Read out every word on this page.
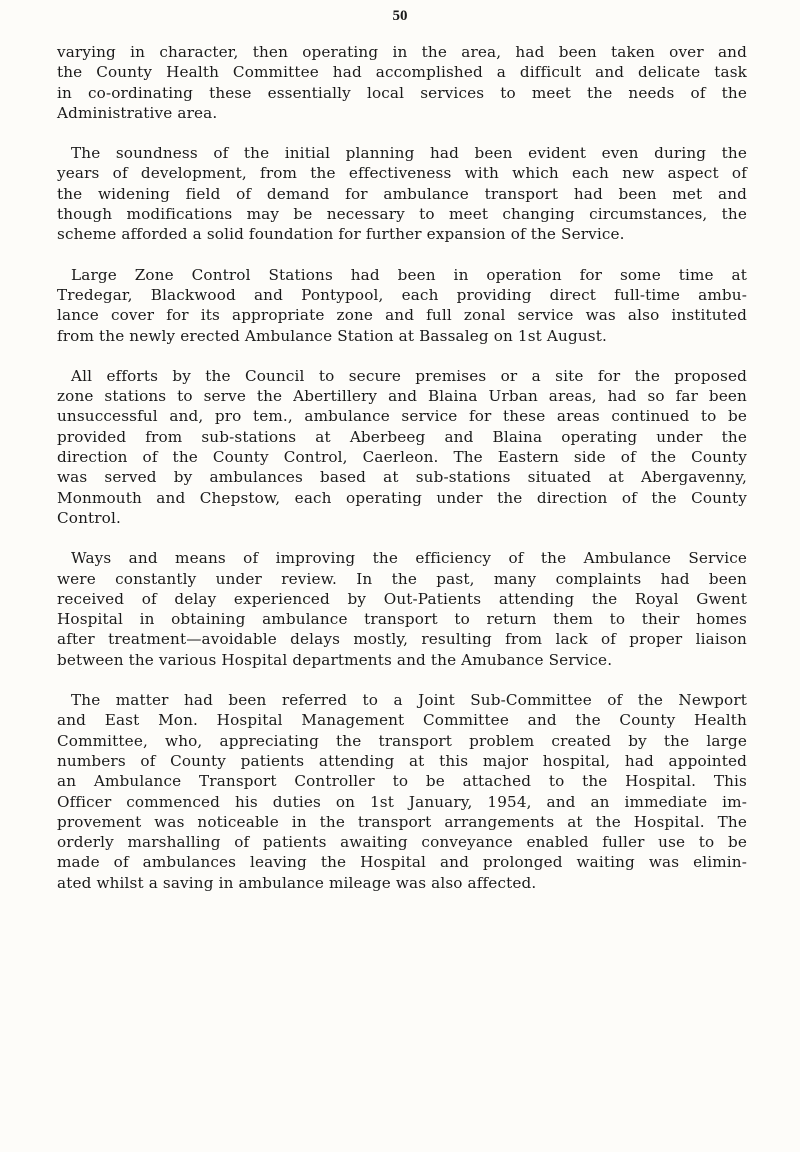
50

varying in character, then operating in the area, had been taken over and
the County Health Committee had accomplished a difficult and delicate task
in co-ordinating these essentially local services to meet the needs of the
Administrative area.

The soundness of the initial planning had been evident even during the
years of development, from the effectiveness with which each new aspect of
the widening field of demand for ambulance transport had been met and
though modifications may be necessary to meet changing circumstances, the
scheme afforded a solid foundation for further expansion of the Service.

Large Zone Control Stations had been in operation for some time at
Tredegar, Blackwood and Pontypool, each providing direct full-time ambu-
lance cover for its appropriate zone and full zonal service was also instituted
from the newly erected Ambulance Station at Bassaleg on 1st August.

All efforts by the Council to secure premises or a site for the proposed
zone stations to serve the Abertillery and Blaina Urban areas, had so far been
unsuccessful and, pro tem., ambulance service for these areas continued to be
provided from sub-stations at Aberbeeg and Blaina operating under the
direction of the County Control, Caerleon. The Eastern side of the County
was served by ambulances based at sub-stations situated at Abergavenny,
Monmouth and Chepstow, each operating under the direction of the County
Control.

Ways and means of improving the efficiency of the Ambulance Service
were constantly under review. In the past, many complaints had been
received of delay experienced by Out-Patients attending the Royal Gwent
Hospital in obtaining ambulance transport to return them to their homes
after treatment—avoidable delays mostly, resulting from lack of proper liaison
between the various Hospital departments and the Amubance Service.

The matter had been referred to a Joint Sub-Committee of the Newport
and East Mon. Hospital Management Committee and the County Health
Committee, who, appreciating the transport problem created by the large
numbers of County patients attending at this major hospital, had appointed
an Ambulance Transport Controller to be attached to the Hospital. This
Officer commenced his duties on 1st January, 1954, and an immediate im-
provement was noticeable in the transport arrangements at the Hospital. The
orderly marshalling of patients awaiting conveyance enabled fuller use to be
made of ambulances leaving the Hospital and prolonged waiting was elimin-
ated whilst a saving in ambulance mileage was also affected.
